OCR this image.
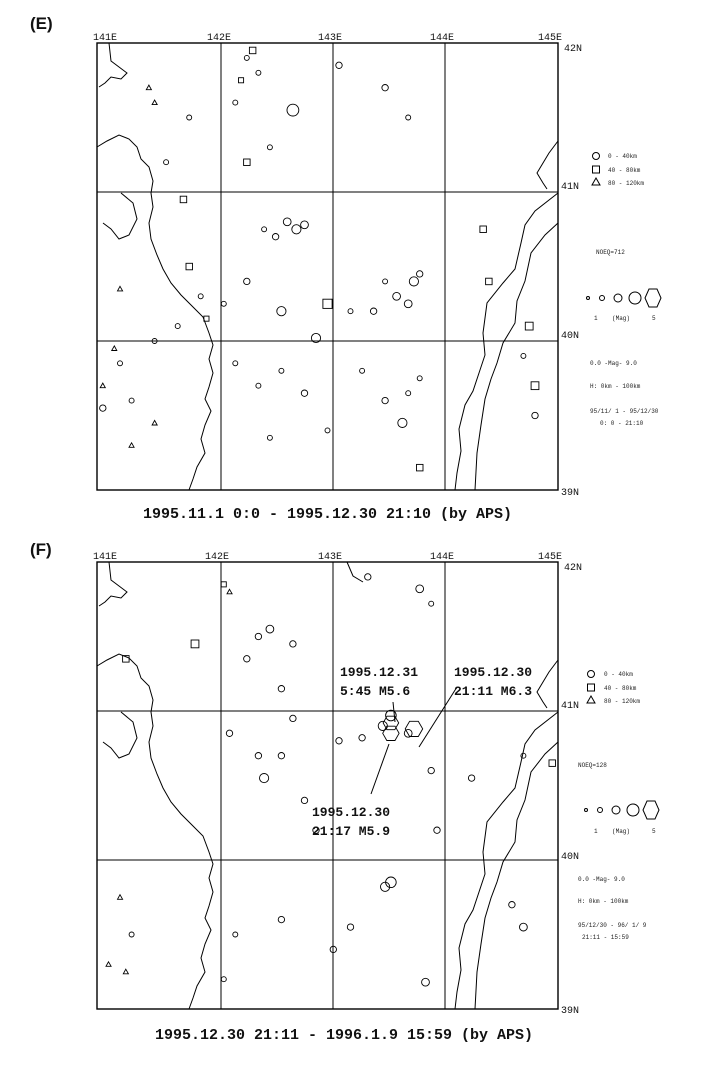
(E)
141E	142E	143E	144E	145E
42N
41N
40N
39N
1995.11.1 0:0 - 1995.12.30 21:10 (by APS)
0 - 40km
40 - 80km
80 - 120km
NOEQ=712
1 (Mag)	5
0.0 -Mag- 9.0
H: 0km - 100km
95/11/ 1 - 95/12/30
0: 0 - 21:10
(F)	141E	142E	143E	144E	145E
42N
41N
40N
39N
1995.12.31
5:45 M5.6
1995.12.30
21:11 M6.3
1995.12.30
21:17 M5.9
1995.12.30 21:11 - 1996.1.9 15:59 (by APS)
0 - 40km
40 - 80km
80 - 120km
NOEQ=128
1 (Mag)	5
0.0 -Mag- 9.0
H: 0km - 100km
95/12/30 - 96/ 1/ 9
21:11 - 15:59
